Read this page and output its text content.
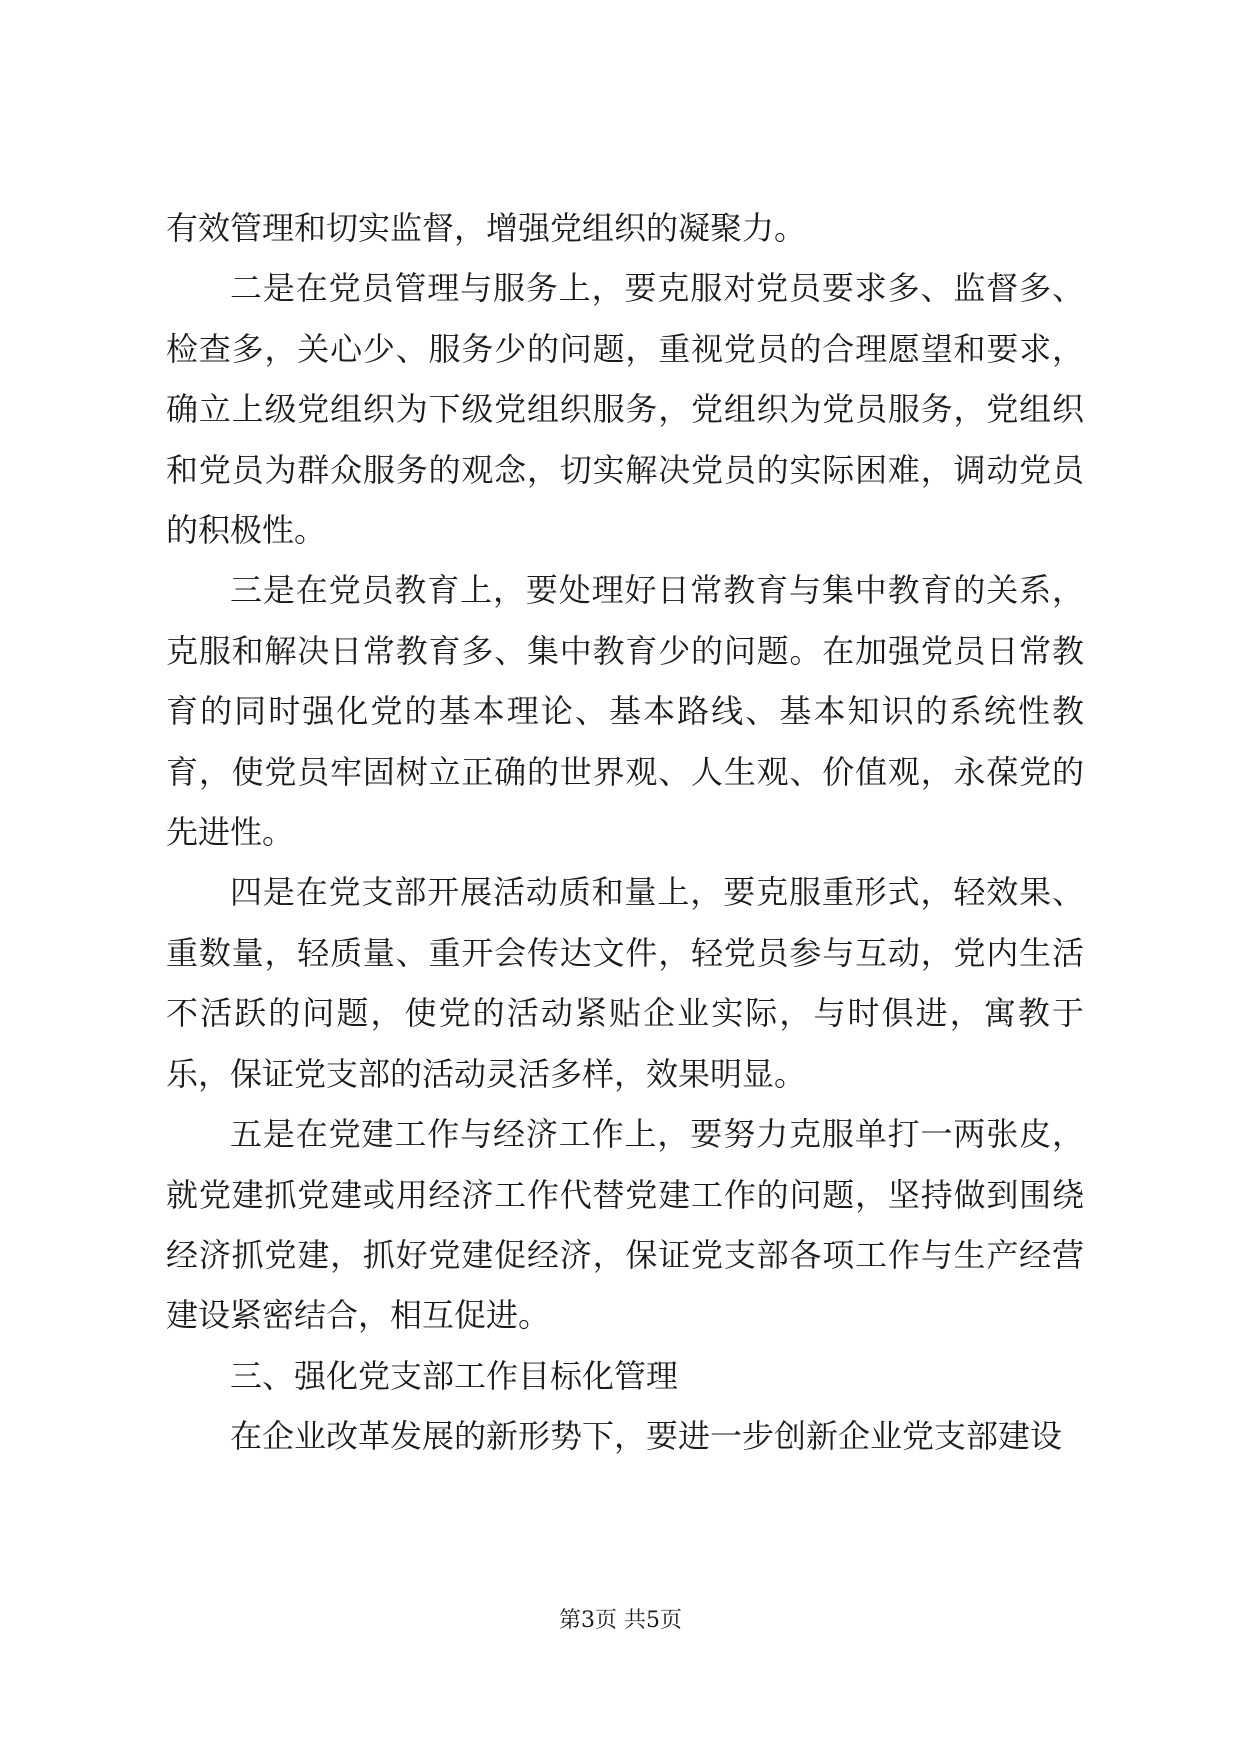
有效管理和切实监督，增强党组织的凝聚力。

二是在党员管理与服务上，要克服对党员要求多、监督多、检查多，关心少、服务少的问题，重视党员的合理愿望和要求，确立上级党组织为下级党组织服务，党组织为党员服务，党组织和党员为群众服务的观念，切实解决党员的实际困难，调动党员的积极性。

三是在党员教育上，要处理好日常教育与集中教育的关系，克服和解决日常教育多、集中教育少的问题。在加强党员日常教育的同时强化党的基本理论、基本路线、基本知识的系统性教育，使党员牢固树立正确的世界观、人生观、价值观，永葆党的先进性。

四是在党支部开展活动质和量上，要克服重形式，轻效果、重数量，轻质量、重开会传达文件，轻党员参与互动，党内生活不活跃的问题，使党的活动紧贴企业实际，与时俱进，寓教于乐，保证党支部的活动灵活多样，效果明显。

五是在党建工作与经济工作上，要努力克服单打一两张皮，就党建抓党建或用经济工作代替党建工作的问题，坚持做到围绕经济抓党建，抓好党建促经济，保证党支部各项工作与生产经营建设紧密结合，相互促进。

三、强化党支部工作目标化管理

在企业改革发展的新形势下，要进一步创新企业党支部建设

第3页 共5页
